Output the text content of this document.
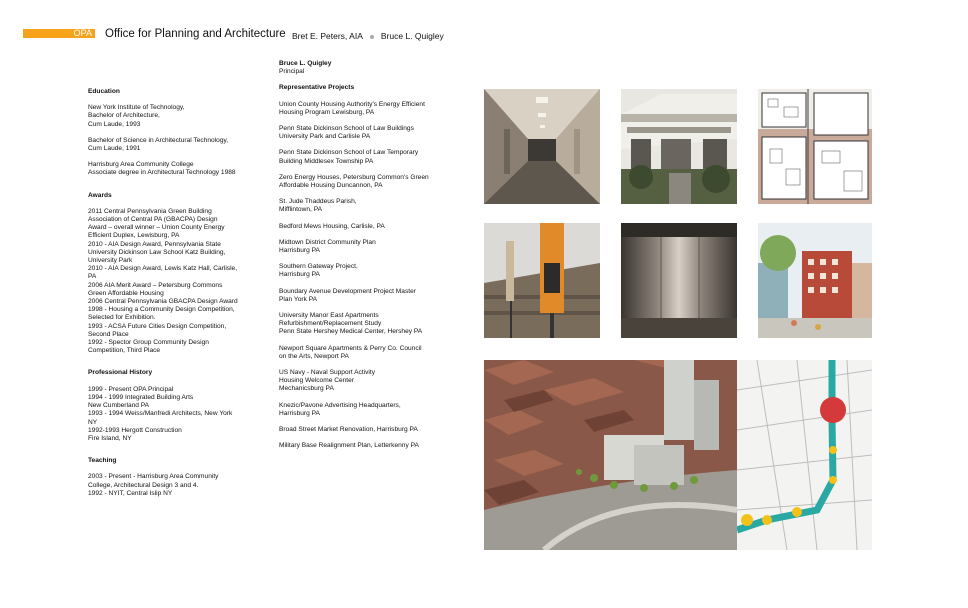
OPA Office for Planning and Architecture Bret E. Peters, AIA Bruce L. Quigley
Education

New York Institute of Technology,
Bachelor of Architecture,
Cum Laude, 1993

Bachelor of Science in Architectural Technology,
Cum Laude, 1991

Harrisburg Area Community College
Associate degree in Architectural Technology 1988

Awards

2011 Central Pennsylvania Green Building
Association of Central PA (GBACPA) Design
Award – overall winner – Union County Energy
Efficient Duplex, Lewisburg, PA
2010 - AIA Design Award, Pennsylvania State
University Dickinson Law School Katz Building,
University Park
2010 - AIA Design Award, Lewis Katz Hall, Carlisle,
PA
2006 AIA Merit Award – Petersburg Commons
Green Affordable Housing
2006 Central Pennsylvania GBACPA Design Award
1998 - Housing a Community Design Competition,
Selected for Exhibition.
1993 - ACSA Future Cities Design Competition,
Second Place
1992 - Spector Group Community Design
Competition, Third Place

Professional History

1999 - Present OPA Principal
1994 - 1999 Integrated Building Arts
New Cumberland PA
1993 - 1994 Weiss/Manfredi Architects, New York
NY
1992-1993 Hergott Construction
Fire Island, NY

Teaching

2003 - Present - Harrisburg Area Community
College, Architectural Design 3 and 4.
1992 - NYIT, Central Islip NY

Bruce L. Quigley
Principal
Representative Projects

Union County Housing Authority's Energy Efficient
Housing Program Lewisburg, PA

Penn State Dickinson School of Law Buildings
University Park and Carlisle PA

Penn State Dickinson School of Law Temporary
Building Middlesex Township PA

Zero Energy Houses, Petersburg Common's Green
Affordable Housing Duncannon, PA

St. Jude Thaddeus Parish,
Mifflintown, PA

Bedford Mews Housing, Carlisle, PA

Midtown District Community Plan
Harrisburg PA

Southern Gateway Project,
Harrisburg PA

Boundary Avenue Development Project Master
Plan York PA

University Manor East Apartments
Refurbishment/Replacement Study
Penn State Hershey Medical Center, Hershey PA

Newport Square Apartments & Perry Co. Council
on the Arts, Newport PA

US Navy - Naval Support Activity
Housing Welcome Center
Mechanicsburg PA

Knezic/Pavone Advertising Headquarters,
Harrisburg PA

Broad Street Market Renovation, Harrisburg PA

Military Base Realignment Plan, Letterkenny PA
